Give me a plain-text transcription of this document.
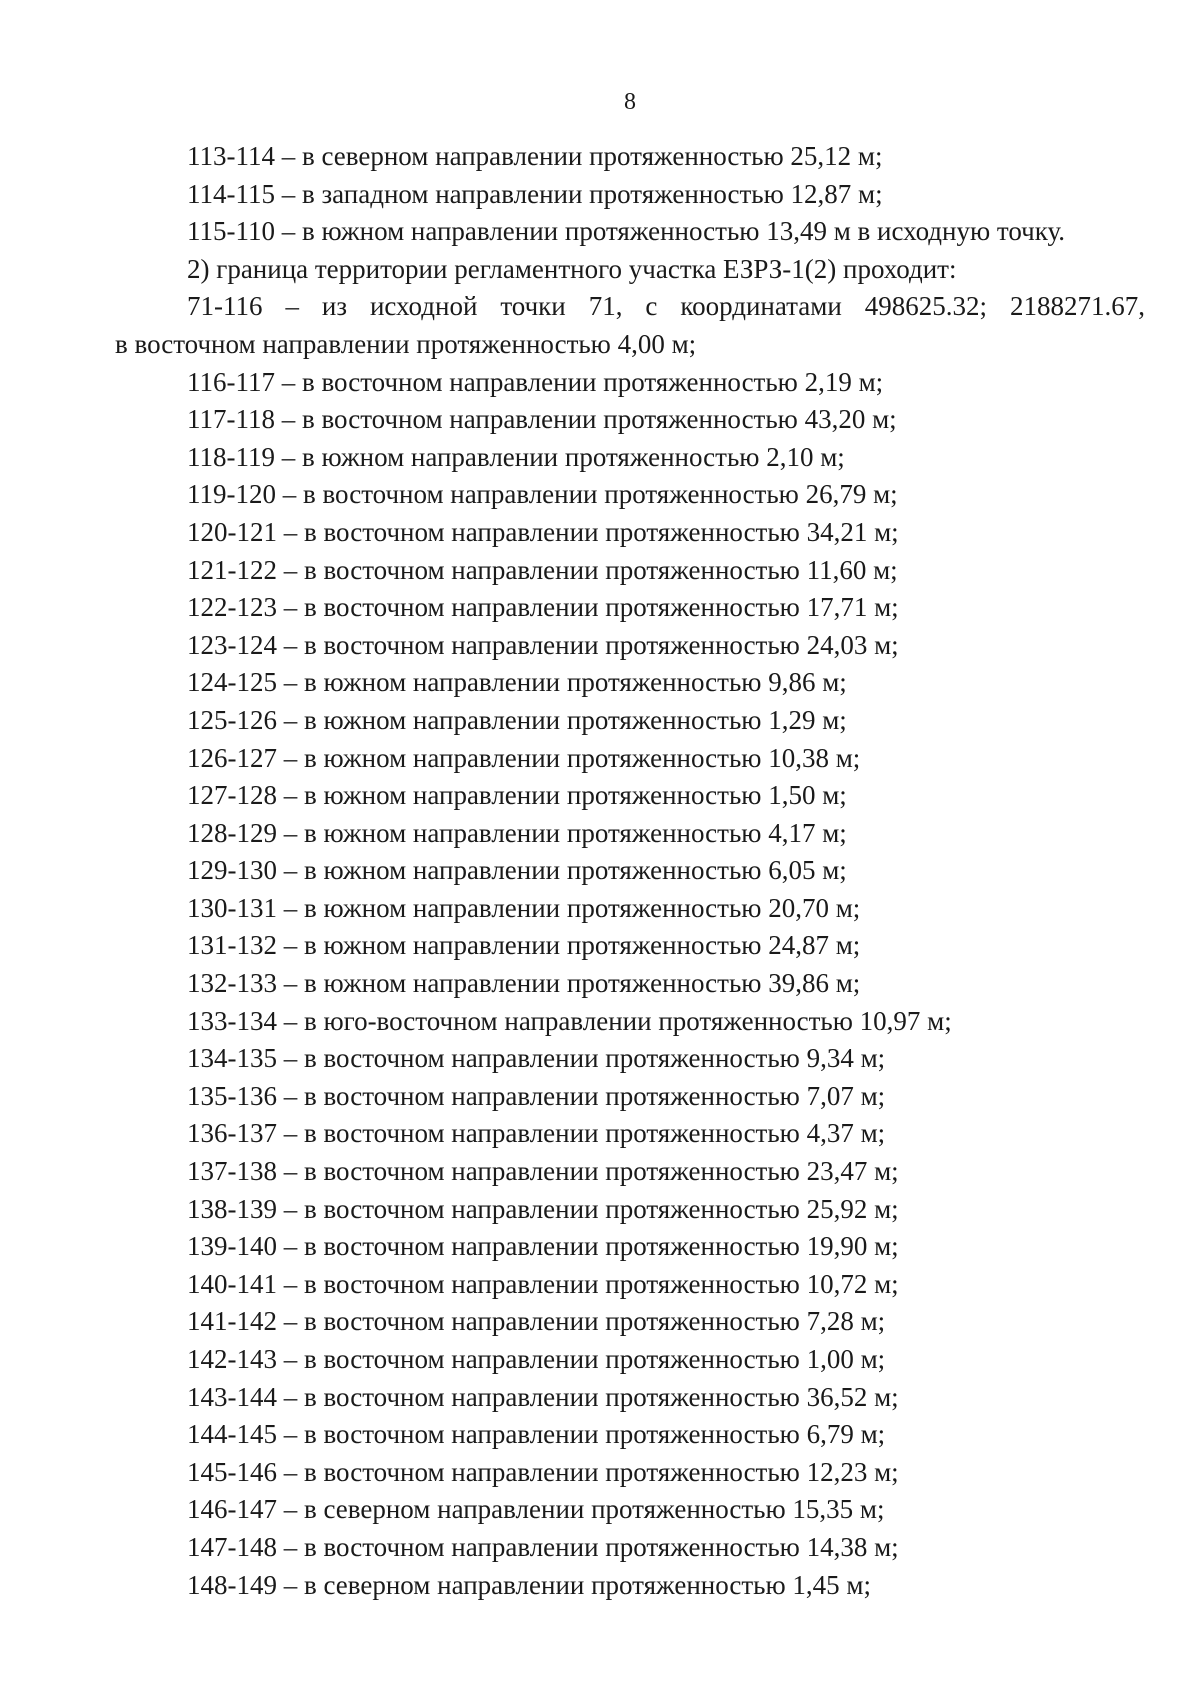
8

113-114 – в северном направлении протяженностью 25,12 м;

114-115 – в западном направлении протяженностью 12,87 м;

115-110 – в южном направлении протяженностью 13,49 м в исходную точку.

2) граница территории регламентного участка ЕЗРЗ-1(2) проходит:

71-116 – из исходной точки 71, с координатами 498625.32; 2188271.67,

в восточном направлении протяженностью 4,00 м;

116-117 – в восточном направлении протяженностью 2,19 м;

117-118 – в восточном направлении протяженностью 43,20 м;

118-119 – в южном направлении протяженностью 2,10 м;

119-120 – в восточном направлении протяженностью 26,79 м;

120-121 – в восточном направлении протяженностью 34,21 м;

121-122 – в восточном направлении протяженностью 11,60 м;

122-123 – в восточном направлении протяженностью 17,71 м;

123-124 – в восточном направлении протяженностью 24,03 м;

124-125 – в южном направлении протяженностью 9,86 м;

125-126 – в южном направлении протяженностью 1,29 м;

126-127 – в южном направлении протяженностью 10,38 м;

127-128 – в южном направлении протяженностью 1,50 м;

128-129 – в южном направлении протяженностью 4,17 м;

129-130 – в южном направлении протяженностью 6,05 м;

130-131 – в южном направлении протяженностью 20,70 м;

131-132 – в южном направлении протяженностью 24,87 м;

132-133 – в южном направлении протяженностью 39,86 м;

133-134 – в юго-восточном направлении протяженностью 10,97 м;

134-135 – в восточном направлении протяженностью 9,34 м;

135-136 – в восточном направлении протяженностью 7,07 м;

136-137 – в восточном направлении протяженностью 4,37 м;

137-138 – в восточном направлении протяженностью 23,47 м;

138-139 – в восточном направлении протяженностью 25,92 м;

139-140 – в восточном направлении протяженностью 19,90 м;

140-141 – в восточном направлении протяженностью 10,72 м;

141-142 – в восточном направлении протяженностью 7,28 м;

142-143 – в восточном направлении протяженностью 1,00 м;

143-144 – в восточном направлении протяженностью 36,52 м;

144-145 – в восточном направлении протяженностью 6,79 м;

145-146 – в восточном направлении протяженностью 12,23 м;

146-147 – в северном направлении протяженностью 15,35 м;

147-148 – в восточном направлении протяженностью 14,38 м;

148-149 – в северном направлении протяженностью 1,45 м;
